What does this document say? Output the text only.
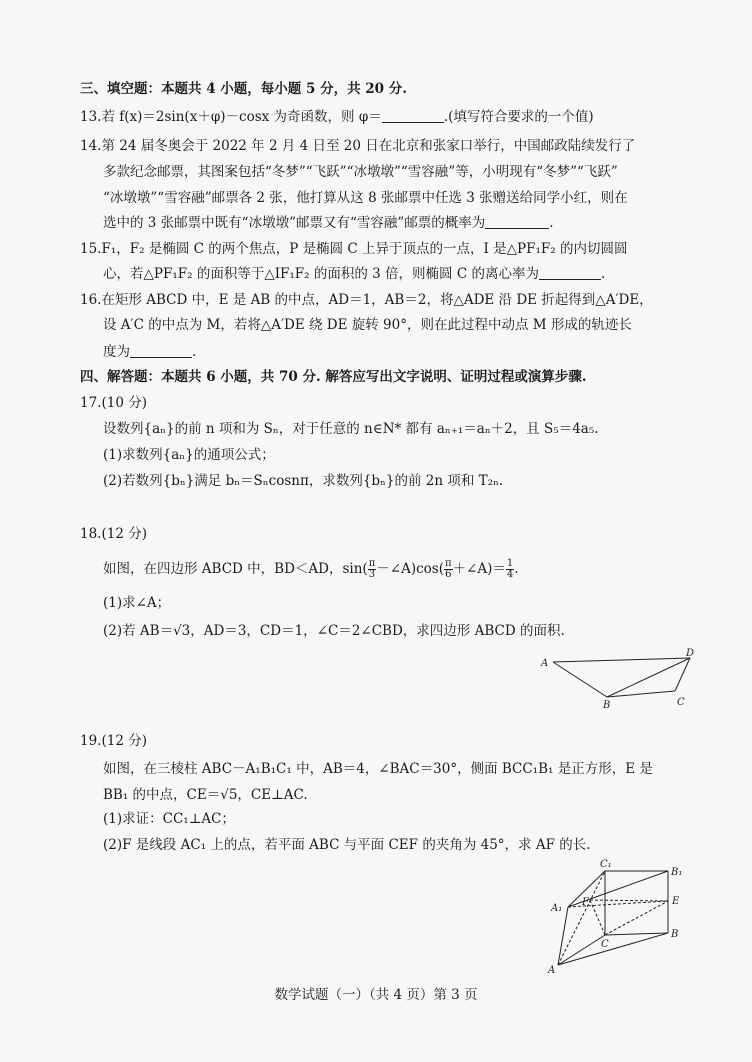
三、填空题：本题共 4 小题，每小题 5 分，共 20 分.
13.若 f(x)＝2sin(x＋φ)－cosx 为奇函数，则 φ＝	.(填写符合要求的一个值)
14.第 24 届冬奥会于 2022 年 2 月 4 日至 20 日在北京和张家口举行，中国邮政陆续发行了
多款纪念邮票，其图案包括“冬梦”“飞跃”“冰墩墩”“雪容融”等，小明现有“冬梦”“飞跃”
“冰墩墩”“雪容融”邮票各 2 张，他打算从这 8 张邮票中任选 3 张赠送给同学小红，则在
选中的 3 张邮票中既有“冰墩墩”邮票又有“雪容融”邮票的概率为	.
15.F₁，F₂ 是椭圆 C 的两个焦点，P 是椭圆 C 上异于顶点的一点，I 是△PF₁F₂ 的内切圆圆
心，若△PF₁F₂ 的面积等于△IF₁F₂ 的面积的 3 倍，则椭圆 C 的离心率为	.
16.在矩形 ABCD 中，E 是 AB 的中点，AD＝1，AB＝2，将△ADE 沿 DE 折起得到△A′DE，
设 A′C 的中点为 M，若将△A′DE 绕 DE 旋转 90°，则在此过程中动点 M 形成的轨迹长
度为	.
四、解答题：本题共 6 小题，共 70 分. 解答应写出文字说明、证明过程或演算步骤.
17.(10 分)
设数列{aₙ}的前 n 项和为 Sₙ，对于任意的 n∈N* 都有 aₙ₊₁＝aₙ＋2，且 S₅＝4a₅.
(1)求数列{aₙ}的通项公式；
(2)若数列{bₙ}满足 bₙ＝Sₙcosnπ，求数列{bₙ}的前 2n 项和 T₂ₙ.
18.(12 分)
如图，在四边形 ABCD 中，BD＜AD，$\sin( \frac{\pi}{3}$ －∠A)cos( $\frac{\pi}{6}$ ＋∠A)＝ $\frac{1}{4}$ .
(1)求∠A；
(2)若 AB＝√3，AD＝3，CD＝1，∠C＝2∠CBD，求四边形 ABCD 的面积.
A
B	C
D
19.(12 分)
如图，在三棱柱 ABC－A₁B₁C₁ 中，AB＝4，∠BAC＝30°，侧面 BCC₁B₁ 是正方形，E 是
BB₁ 的中点，CE＝√5，CE⊥AC.
(1)求证：CC₁⊥AC；
(2)F 是线段 AC₁ 上的点，若平面 ABC 与平面 CEF 的夹角为 45°，求 AF 的长.
C₁
B₁
A₁
F	E
C
B
A
数学试题（一）（共 4 页）第 3 页
